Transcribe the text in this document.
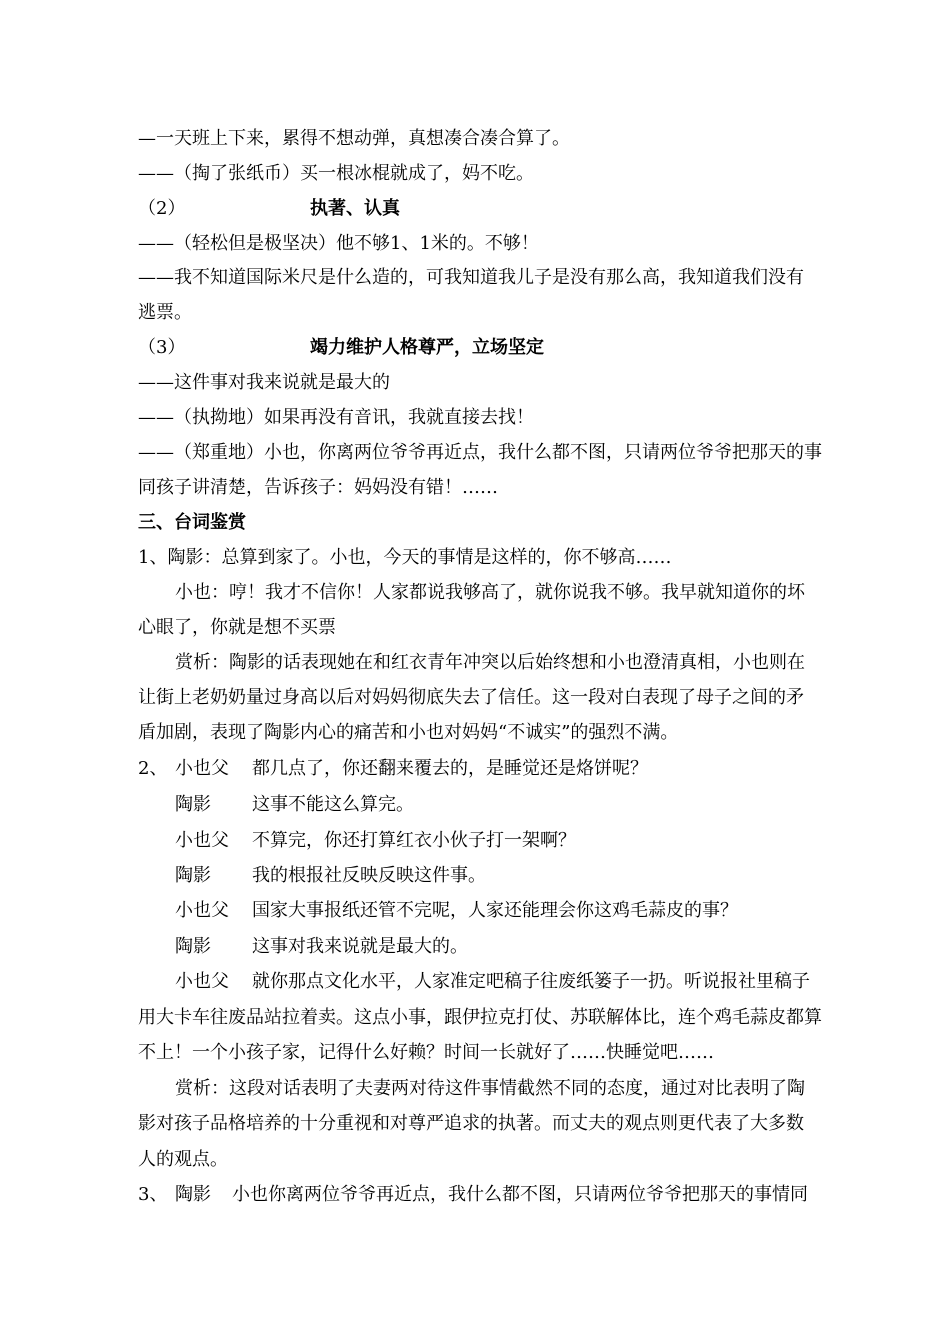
—一天班上下来，累得不想动弹，真想凑合凑合算了。
——（掏了张纸币）买一根冰棍就成了，妈不吃。
（2）	执著、认真
——（轻松但是极坚决）他不够1、1米的。不够！
——我不知道国际米尺是什么造的，可我知道我儿子是没有那么高，我知道我们没有
逃票。
（3）	竭力维护人格尊严，立场坚定
——这件事对我来说就是最大的
——（执拗地）如果再没有音讯，我就直接去找！
——（郑重地）小也，你离两位爷爷再近点，我什么都不图，只请两位爷爷把那天的事
同孩子讲清楚，告诉孩子：妈妈没有错！……
三、台词鉴赏
1、陶影：总算到家了。小也，今天的事情是这样的，你不够高……
小也：哼！我才不信你！人家都说我够高了，就你说我不够。我早就知道你的坏
心眼了，你就是想不买票
赏析：陶影的话表现她在和红衣青年冲突以后始终想和小也澄清真相，小也则在
让街上老奶奶量过身高以后对妈妈彻底失去了信任。这一段对白表现了母子之间的矛
盾加剧，表现了陶影内心的痛苦和小也对妈妈“不诚实”的强烈不满。
2、 小也父 都几点了，你还翻来覆去的，是睡觉还是烙饼呢？
陶影 这事不能这么算完。
小也父 不算完，你还打算红衣小伙子打一架啊？
陶影 我的根报社反映反映这件事。
小也父 国家大事报纸还管不完呢，人家还能理会你这鸡毛蒜皮的事？
陶影 这事对我来说就是最大的。
小也父 就你那点文化水平，人家准定吧稿子往废纸篓子一扔。听说报社里稿子
用大卡车往废品站拉着卖。这点小事，跟伊拉克打仗、苏联解体比，连个鸡毛蒜皮都算
不上！一个小孩子家，记得什么好赖？时间一长就好了……快睡觉吧……
赏析：这段对话表明了夫妻两对待这件事情截然不同的态度，通过对比表明了陶
影对孩子品格培养的十分重视和对尊严追求的执著。而丈夫的观点则更代表了大多数
人的观点。
3、 陶影 小也你离两位爷爷再近点，我什么都不图，只请两位爷爷把那天的事情同
